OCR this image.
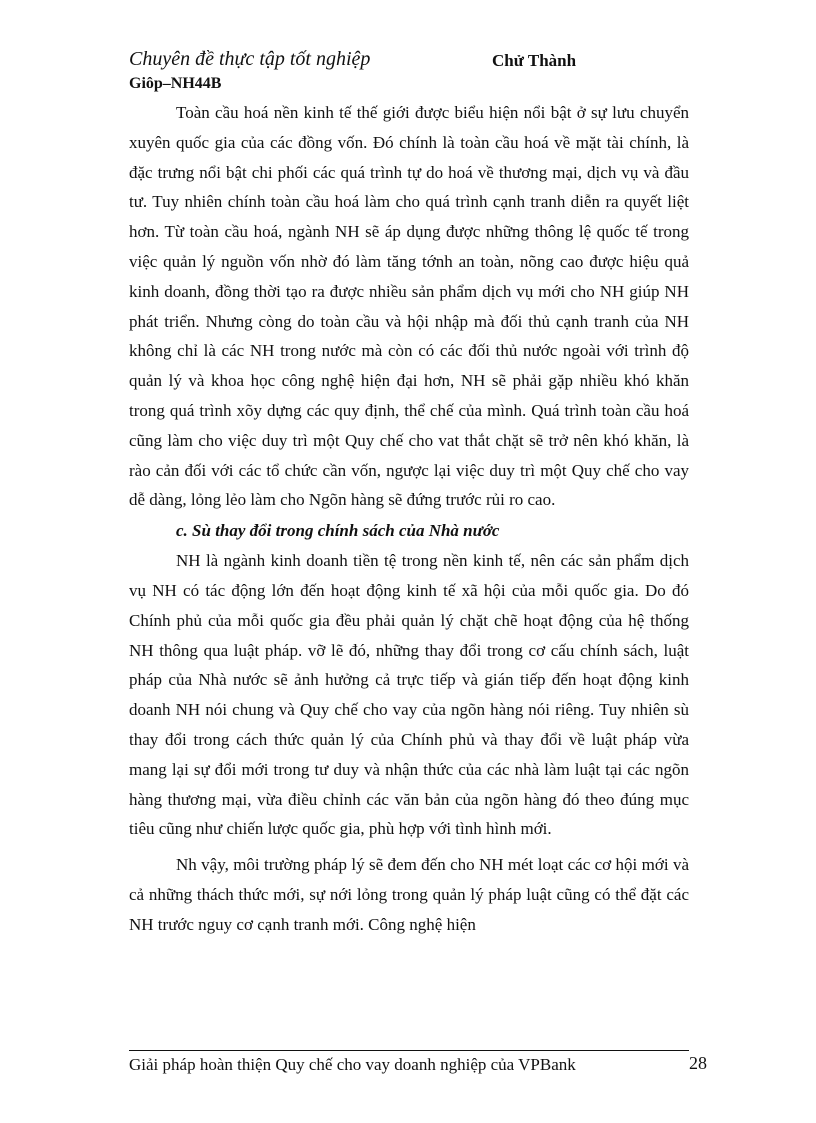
Chuyên đề thực tập tốt nghiệp	Chử Thành
Giôp–NH44B

Toàn cầu hoá nền kinh tế thế giới được biểu hiện nổi bật ở sự lưu chuyển xuyên quốc gia của các đồng vốn. Đó chính là toàn cầu hoá về mặt tài chính, là đặc trưng nổi bật chi phối các quá trình tự do hoá về thương mại, dịch vụ và đầu tư. Tuy nhiên chính toàn cầu hoá làm cho quá trình cạnh tranh diễn ra quyết liệt hơn. Từ toàn cầu hoá, ngành NH sẽ áp dụng được những thông lệ quốc tế trong việc quản lý nguồn vốn nhờ đó làm tăng tớnh an toàn, nõng cao được hiệu quả kinh doanh, đồng thời tạo ra được nhiều sản phẩm dịch vụ mới cho NH giúp NH phát triển. Nhưng còng do toàn cầu và hội nhập mà đối thủ cạnh tranh của NH không chỉ là các NH trong nước mà còn có các đối thủ nước ngoài với trình độ quản lý và khoa học công nghệ hiện đại hơn, NH sẽ phải gặp nhiều khó khăn trong quá trình xõy dựng các quy định, thể chế của mình. Quá trình toàn cầu hoá cũng làm cho việc duy trì một Quy chế cho vat thắt chặt sẽ trở nên khó khăn, là rào cản đối với các tổ chức cần vốn, ngược lại việc duy trì một Quy chế cho vay dễ dàng, lỏng lẻo làm cho Ngõn hàng sẽ đứng trước rủi ro cao.

c. Sù thay đổi trong chính sách của Nhà nước

NH là ngành kinh doanh tiền tệ trong nền kinh tế, nên các sản phẩm dịch vụ NH có tác động lớn đến hoạt động kinh tế xã hội của mỗi quốc gia. Do đó Chính phủ của mỗi quốc gia đều phải quản lý chặt chẽ hoạt động của hệ thống NH thông qua luật pháp. vỡ lẽ đó, những thay đổi trong cơ cấu chính sách, luật pháp của Nhà nước sẽ ảnh hưởng cả trực tiếp và gián tiếp đến hoạt động kinh doanh NH nói chung và Quy chế cho vay của ngõn hàng nói riêng. Tuy nhiên sù thay đổi trong cách thức quản lý của Chính phủ và thay đổi về luật pháp vừa mang lại sự đổi mới trong tư duy và nhận thức của các nhà làm luật tại các ngõn hàng thương mại, vừa điều chỉnh các văn bản của ngõn hàng đó theo đúng mục tiêu cũng như chiến lược quốc gia, phù hợp với tình hình mới.

Nh vậy, môi trường pháp lý sẽ đem đến cho NH mét loạt các cơ hội mới và cả những thách thức mới, sự nới lỏng trong quản lý pháp luật cũng có thể đặt các NH trước nguy cơ cạnh tranh mới. Công nghệ hiện

Giải pháp hoàn thiện Quy chế cho vay doanh nghiệp của VPBank	28
